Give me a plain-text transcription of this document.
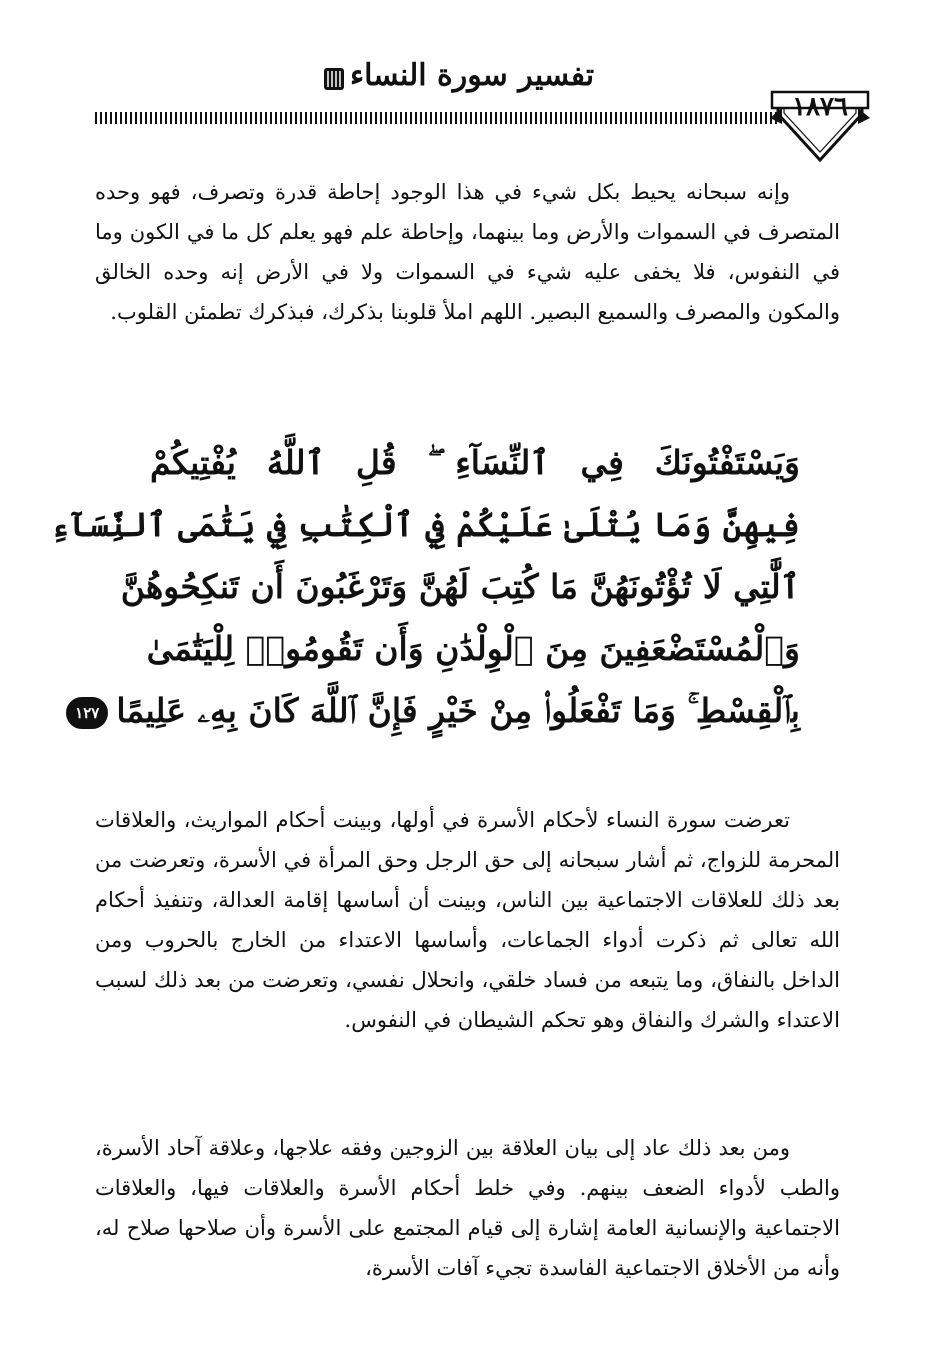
تفسير سورة النساء
١٨٧٦

وإنه سبحانه يحيط بكل شيء في هذا الوجود إحاطة قدرة وتصرف، فهو وحده المتصرف في السموات والأرض وما بينهما، وإحاطة علم فهو يعلم كل ما في الكون وما في النفوس، فلا يخفى عليه شيء في السموات ولا في الأرض إنه وحده الخالق والمكون والمصرف والسميع البصير. اللهم املأ قلوبنا بذكرك، فبذكرك تطمئن القلوب.

وَيَسْتَفْتُونَكَ فِي ٱلنِّسَآءِ ۖ قُلِ ٱللَّهُ يُفْتِيكُمْ
فِيهِنَّ وَمَا يُتْلَىٰ عَلَيْكُمْ فِي ٱلْكِتَٰبِ فِي يَتَٰمَى ٱلنِّسَآءِ
ٱلَّٰتِي لَا تُؤْتُونَهُنَّ مَا كُتِبَ لَهُنَّ وَتَرْغَبُونَ أَن تَنكِحُوهُنَّ
وَٱلْمُسْتَضْعَفِينَ مِنَ ٱلْوِلْدَٰنِ وَأَن تَقُومُوا۟ لِلْيَتَٰمَىٰ
بِٱلْقِسْطِ ۚ وَمَا تَفْعَلُوا۟ مِنْ خَيْرٍ فَإِنَّ ٱللَّهَ كَانَ بِهِۦ عَلِيمًا١٢٧

تعرضت سورة النساء لأحكام الأسرة في أولها، وبينت أحكام المواريث، والعلاقات المحرمة للزواج، ثم أشار سبحانه إلى حق الرجل وحق المرأة في الأسرة، وتعرضت من بعد ذلك للعلاقات الاجتماعية بين الناس، وبينت أن أساسها إقامة العدالة، وتنفيذ أحكام الله تعالى ثم ذكرت أدواء الجماعات، وأساسها الاعتداء من الخارج بالحروب ومن الداخل بالنفاق، وما يتبعه من فساد خلقي، وانحلال نفسي، وتعرضت من بعد ذلك لسبب الاعتداء والشرك والنفاق وهو تحكم الشيطان في النفوس.

ومن بعد ذلك عاد إلى بيان العلاقة بين الزوجين وفقه علاجها، وعلاقة آحاد الأسرة، والطب لأدواء الضعف بينهم. وفي خلط أحكام الأسرة والعلاقات فيها، والعلاقات الاجتماعية والإنسانية العامة إشارة إلى قيام المجتمع على الأسرة وأن صلاحها صلاح له، وأنه من الأخلاق الاجتماعية الفاسدة تجيء آفات الأسرة،
